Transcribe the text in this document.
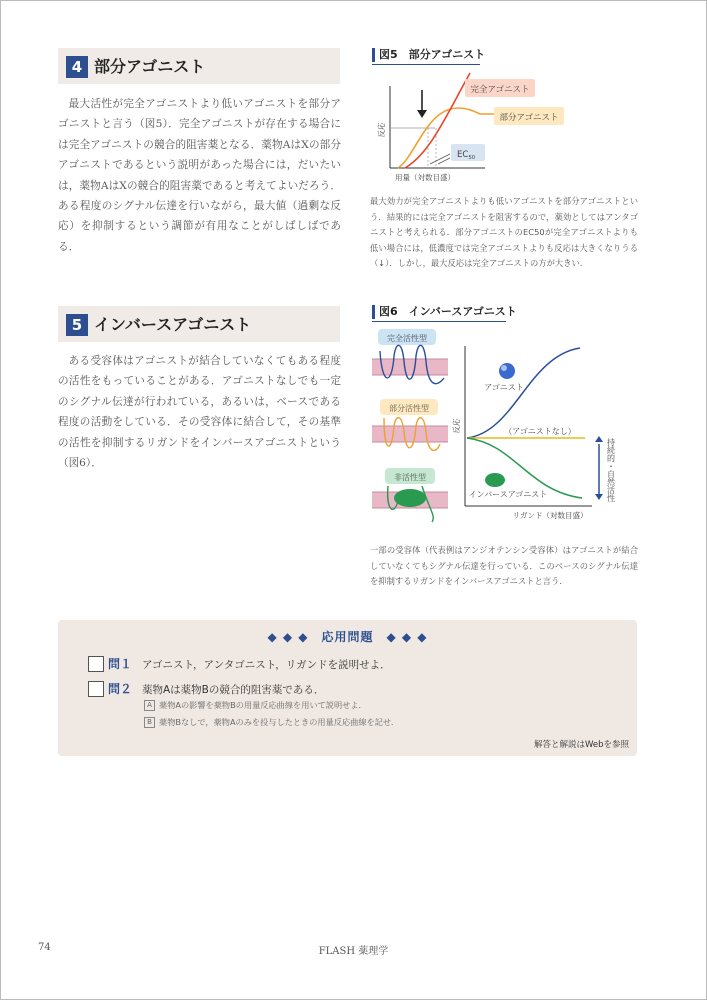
4 部分アゴニスト

最大活性が完全アゴニストより低いアゴニストを部分アゴニストと言う（図5）．完全アゴニストが存在する場合には完全アゴニストの競合的阻害薬となる．薬物AはXの部分アゴニストであるという説明があった場合には，だいたいは，薬物AはXの競合的阻害薬であると考えてよいだろう．ある程度のシグナル伝達を行いながら，最大値（過剰な反応）を抑制するという調節が有用なことがしばしばである．

図5　部分アゴニスト
完全アゴニスト
部分アゴニスト
$EC_{50}$
反応
用量（対数目盛）

最大効力が完全アゴニストよりも低いアゴニストを部分アゴニストという．結果的には完全アゴニストを阻害するので，薬効としてはアンタゴニストと考えられる．部分アゴニストのEC50が完全アゴニストよりも低い場合には，低濃度では完全アゴニストよりも反応は大きくなりうる（↓）．しかし，最大反応は完全アゴニストの方が大きい．

5 インバースアゴニスト

ある受容体はアゴニストが結合していなくてもある程度の活性をもっていることがある．アゴニストなしでも一定のシグナル伝達が行われている，あるいは，ベースである程度の活動をしている．その受容体に結合して，その基準の活性を抑制するリガンドをインバースアゴニストという（図6）．

図6　インバースアゴニスト
完全活性型
部分活性型
非活性型
アゴニスト
（アゴニストなし）
インバースアゴニスト
反応
リガンド（対数目盛）
持続的・自然活性

一部の受容体（代表例はアンジオテンシン受容体）はアゴニストが結合していなくてもシグナル伝達を行っている．このベースのシグナル伝達を抑制するリガンドをインバースアゴニストと言う．

◆ ◆ ◆　応用問題　◆ ◆ ◆
問１ アゴニスト，アンタゴニスト，リガンドを説明せよ．
問２ 薬物Aは薬物Bの競合的阻害薬である．
A 薬物Aの影響を薬物Bの用量反応曲線を用いて説明せよ．
B 薬物Bなしで，薬物Aのみを投与したときの用量反応曲線を記せ．
解答と解説はWebを参照
74	FLASH 薬理学
